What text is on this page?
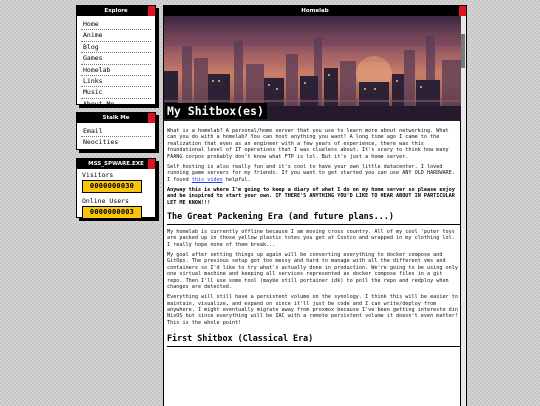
Explore
Home
Anime
Blog
Games
Homelab
Links
Music
About Me
Stalk Me
Email
Neocities
MSS_SPWARE.EXE
Visitors
0000000030
Online Users
0000000003
Homelab
My Shitbox(es)

What is a homelab? A personal/home server that you use to learn more about networking. What can you do with a homelab? You can host anything you want! A long time ago I came to the realization that even as an engineer with a few years of experience, there was this foundational level of IT operations that I was clueless about. It's scary to think how many FAANG corpos probably don't know what FTP is lol. But it's just a home server.

Self hosting is also really fun and it's cool to have your own little datacenter. I loved running game servers for my friends. If you want to get started you can use ANY OLD HARDWARE. I found this video helpful.

Anyway this is where I'm going to keep a diary of what I do on my home server so please enjoy and be inspired to start your own. IF THERE'S ANYTHING YOU'D LIKE TO HEAR ABOUT IN PARTICULAR LET ME KNOW!!!

The Great Packening Era (and future plans...)

My homelab is currently offline because I am moving cross country. All of my cool 'puter toys are packed up in those yellow plastic totes you get at Costco and wrapped in my clothing lol. I really hope none of them break...

My goal after setting things up again will be converting everything to docker compose and GitOps. The previous setup got too messy and hard to manage with all the different vms and containers so I'd like to try what's actually done in production. We're going to be using only one virtual machine and keeping all services represented as docker compose files in a git repo. Then I'll use some tool (maybe still portainer idk) to poll the repo and redploy when changes are detected.

Everything will still have a persistent volume on the synology. I think this will be easier to maintain, visualize, and expand on since it'll just be code and I can write/deploy from anywhere. I might eventually migrate away from proxmox because I've been getting intereste din NixOS but since everything will be IAC with a remote persistent volume it doesn't even matter! This is the whole point!

First Shitbox (Classical Era)
